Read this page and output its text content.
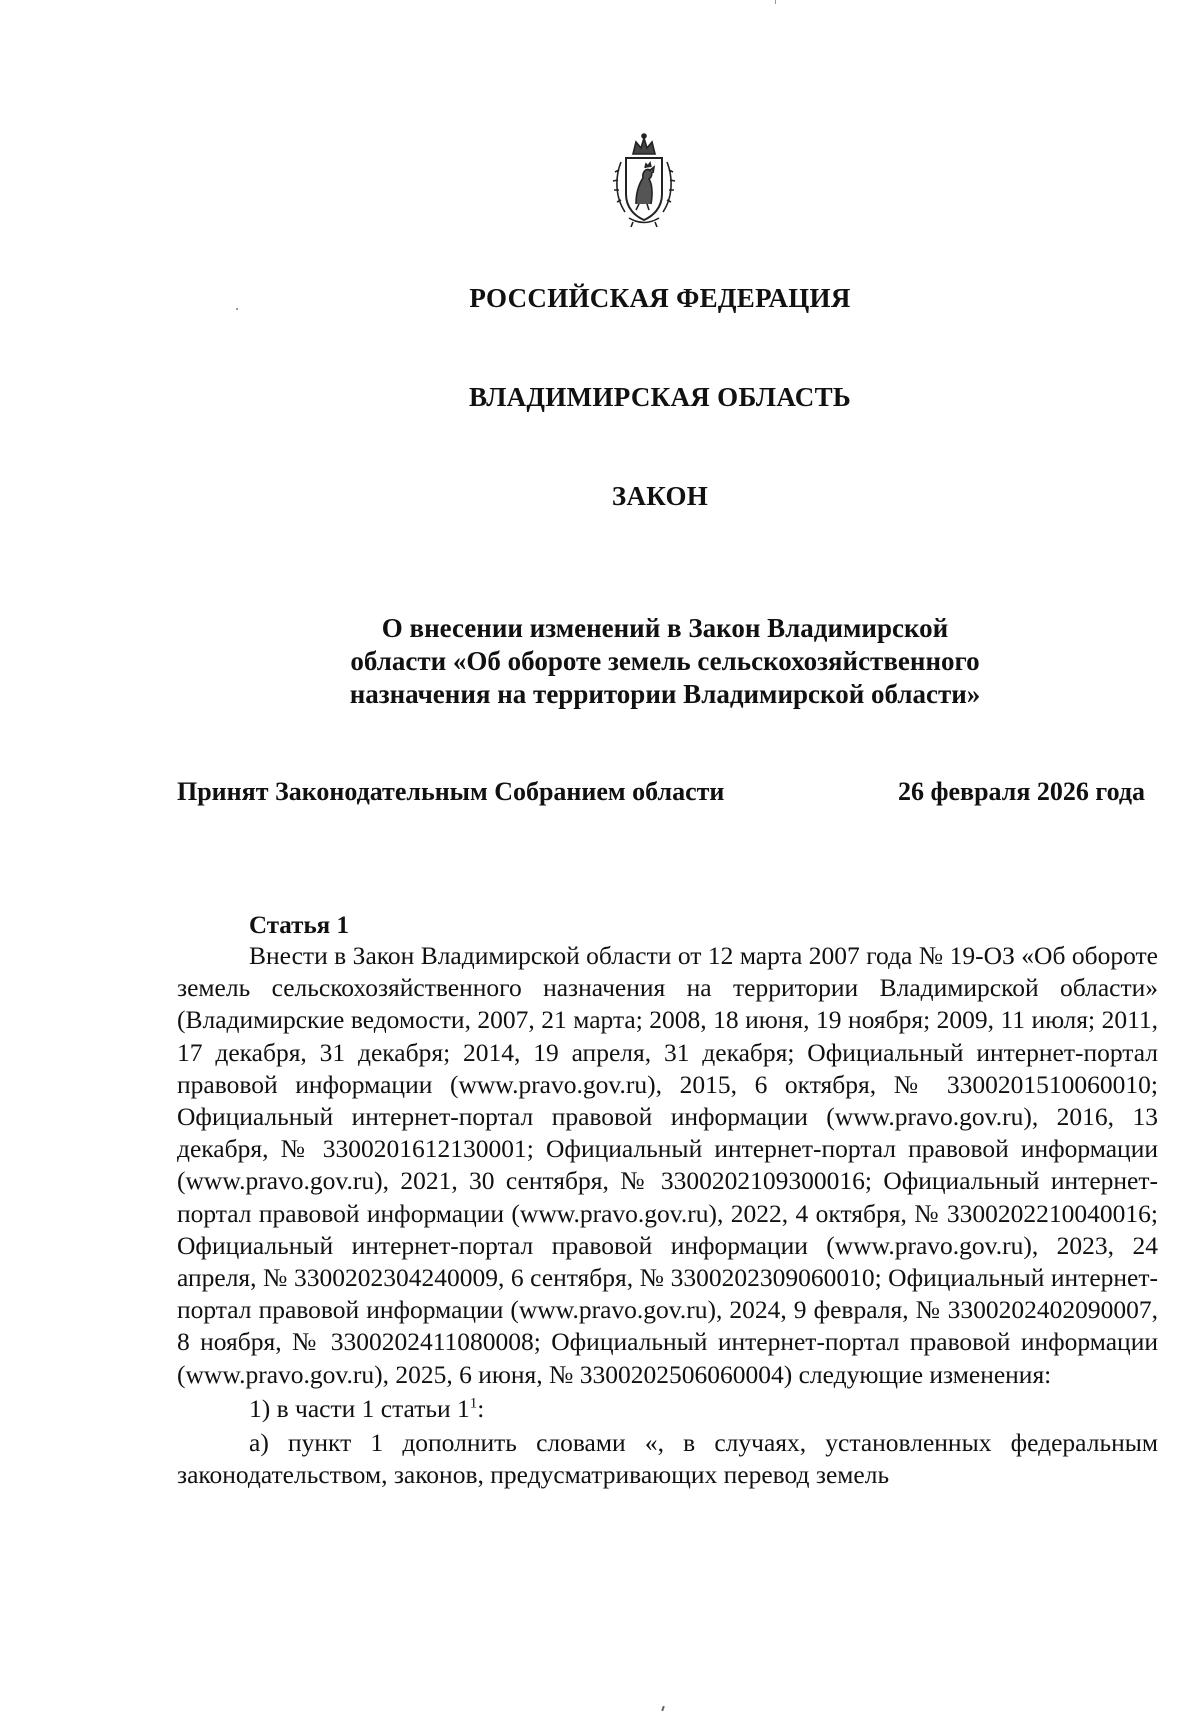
РОССИЙСКАЯ ФЕДЕРАЦИЯ
ВЛАДИМИРСКАЯ ОБЛАСТЬ
ЗАКОН
О внесении изменений в Закон Владимирской
области «Об обороте земель сельскохозяйственного
назначения на территории Владимирской области»
Принят Законодательным Собранием области	26 февраля 2026 года
Статья 1

Внести в Закон Владимирской области от 12 марта 2007 года № 19-ОЗ «Об обороте земель сельскохозяйственного назначения на территории Владимирской области» (Владимирские ведомости, 2007, 21 марта; 2008, 18 июня, 19 ноября; 2009, 11 июля; 2011, 17 декабря, 31 декабря; 2014, 19 апреля, 31 декабря; Официальный интернет-портал правовой информации (www.pravo.gov.ru), 2015, 6 октября, № 3300201510060010; Официальный интернет-портал правовой информации (www.pravo.gov.ru), 2016, 13 декабря, № 3300201612130001; Официальный интернет-портал правовой информации (www.pravo.gov.ru), 2021, 30 сентября, № 3300202109300016; Официальный интернет-портал правовой информации (www.pravo.gov.ru), 2022, 4 октября, № 3300202210040016; Официальный интернет-портал правовой информации (www.pravo.gov.ru), 2023, 24 апреля, № 3300202304240009, 6 сентября, № 3300202309060010; Официальный интернет-портал правовой информации (www.pravo.gov.ru), 2024, 9 февраля, № 3300202402090007, 8 ноября, № 3300202411080008; Официальный интернет-портал правовой информации (www.pravo.gov.ru), 2025, 6 июня, № 3300202506060004) следующие изменения:

1) в части 1 статьи $1^1$:

а) пункт 1 дополнить словами «, в случаях, установленных федеральным законодательством, законов, предусматривающих перевод земель
